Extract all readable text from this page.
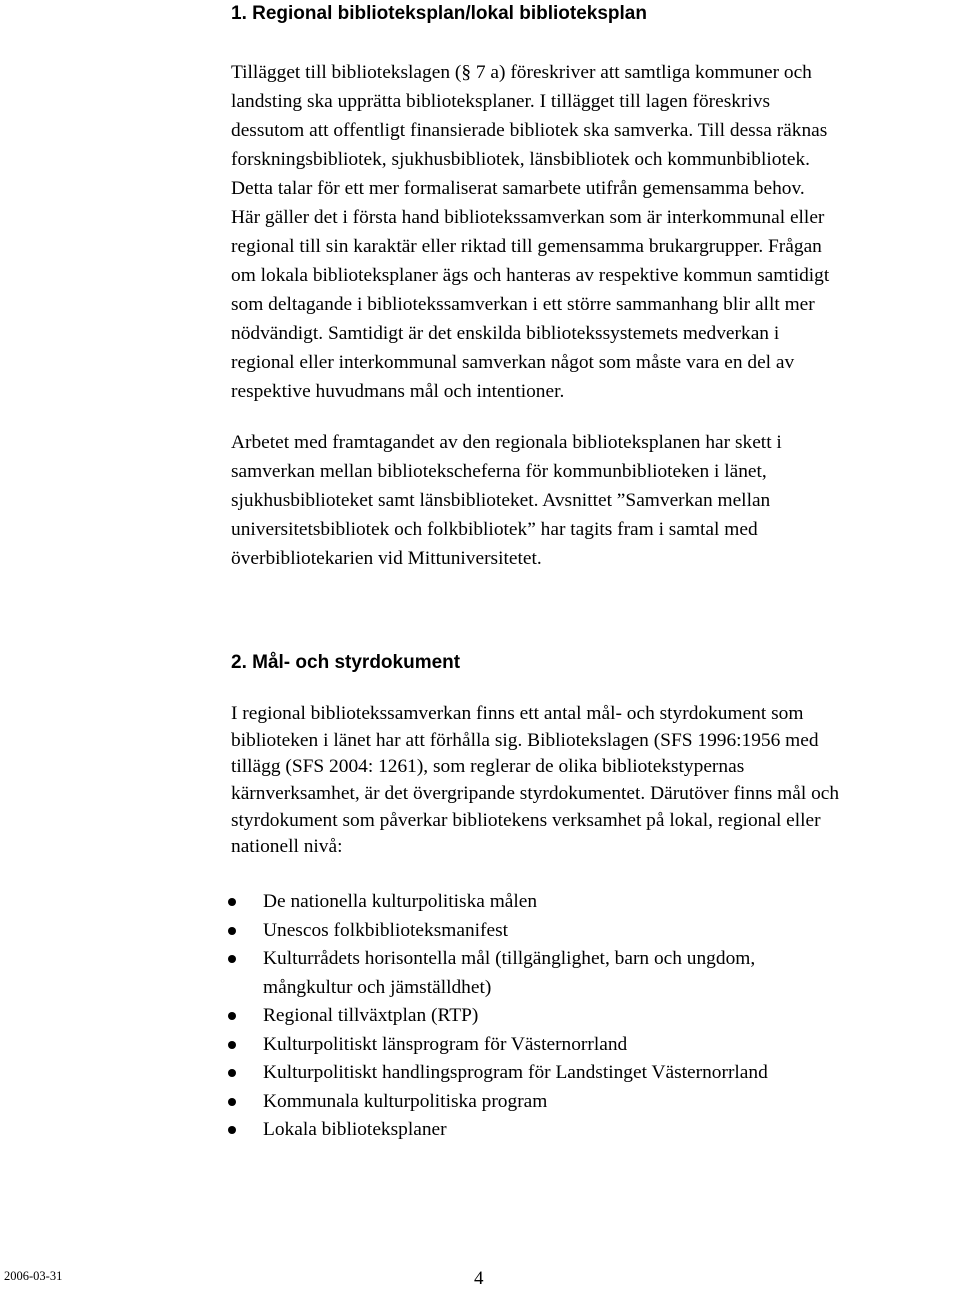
1. Regional biblioteksplan/lokal biblioteksplan

Tillägget till bibliotekslagen (§ 7 a) föreskriver att samtliga kommuner och
landsting ska upprätta biblioteksplaner. I tillägget till lagen föreskrivs
dessutom att offentligt finansierade bibliotek ska samverka. Till dessa räknas
forskningsbibliotek, sjukhusbibliotek, länsbibliotek och kommunbibliotek.
Detta talar för ett mer formaliserat samarbete utifrån gemensamma behov.
Här gäller det i första hand bibliotekssamverkan som är interkommunal eller
regional till sin karaktär eller riktad till gemensamma brukargrupper. Frågan
om lokala biblioteksplaner ägs och hanteras av respektive kommun samtidigt
som deltagande i bibliotekssamverkan i ett större sammanhang blir allt mer
nödvändigt. Samtidigt är det enskilda bibliotekssystemets medverkan i
regional eller interkommunal samverkan något som måste vara en del av
respektive huvudmans mål och intentioner.

Arbetet med framtagandet av den regionala biblioteksplanen har skett i
samverkan mellan bibliotekscheferna för kommunbiblioteken i länet,
sjukhusbiblioteket samt länsbiblioteket. Avsnittet ”Samverkan mellan
universitetsbibliotek och folkbibliotek” har tagits fram i samtal med
överbibliotekarien vid Mittuniversitetet.

2. Mål- och styrdokument

I regional bibliotekssamverkan finns ett antal mål- och styrdokument som
biblioteken i länet har att förhålla sig. Bibliotekslagen (SFS 1996:1956 med
tillägg (SFS 2004: 1261), som reglerar de olika bibliotekstypernas
kärnverksamhet, är det övergripande styrdokumentet. Därutöver finns mål och
styrdokument som påverkar bibliotekens verksamhet på lokal, regional eller
nationell nivå:

De nationella kulturpolitiska målen
Unescos folkbiblioteksmanifest
Kulturrådets horisontella mål (tillgänglighet, barn och ungdom,
mångkultur och jämställdhet)
Regional tillväxtplan (RTP)
Kulturpolitiskt länsprogram för Västernorrland
Kulturpolitiskt handlingsprogram för Landstinget Västernorrland
Kommunala kulturpolitiska program
Lokala biblioteksplaner
2006-03-31	4
